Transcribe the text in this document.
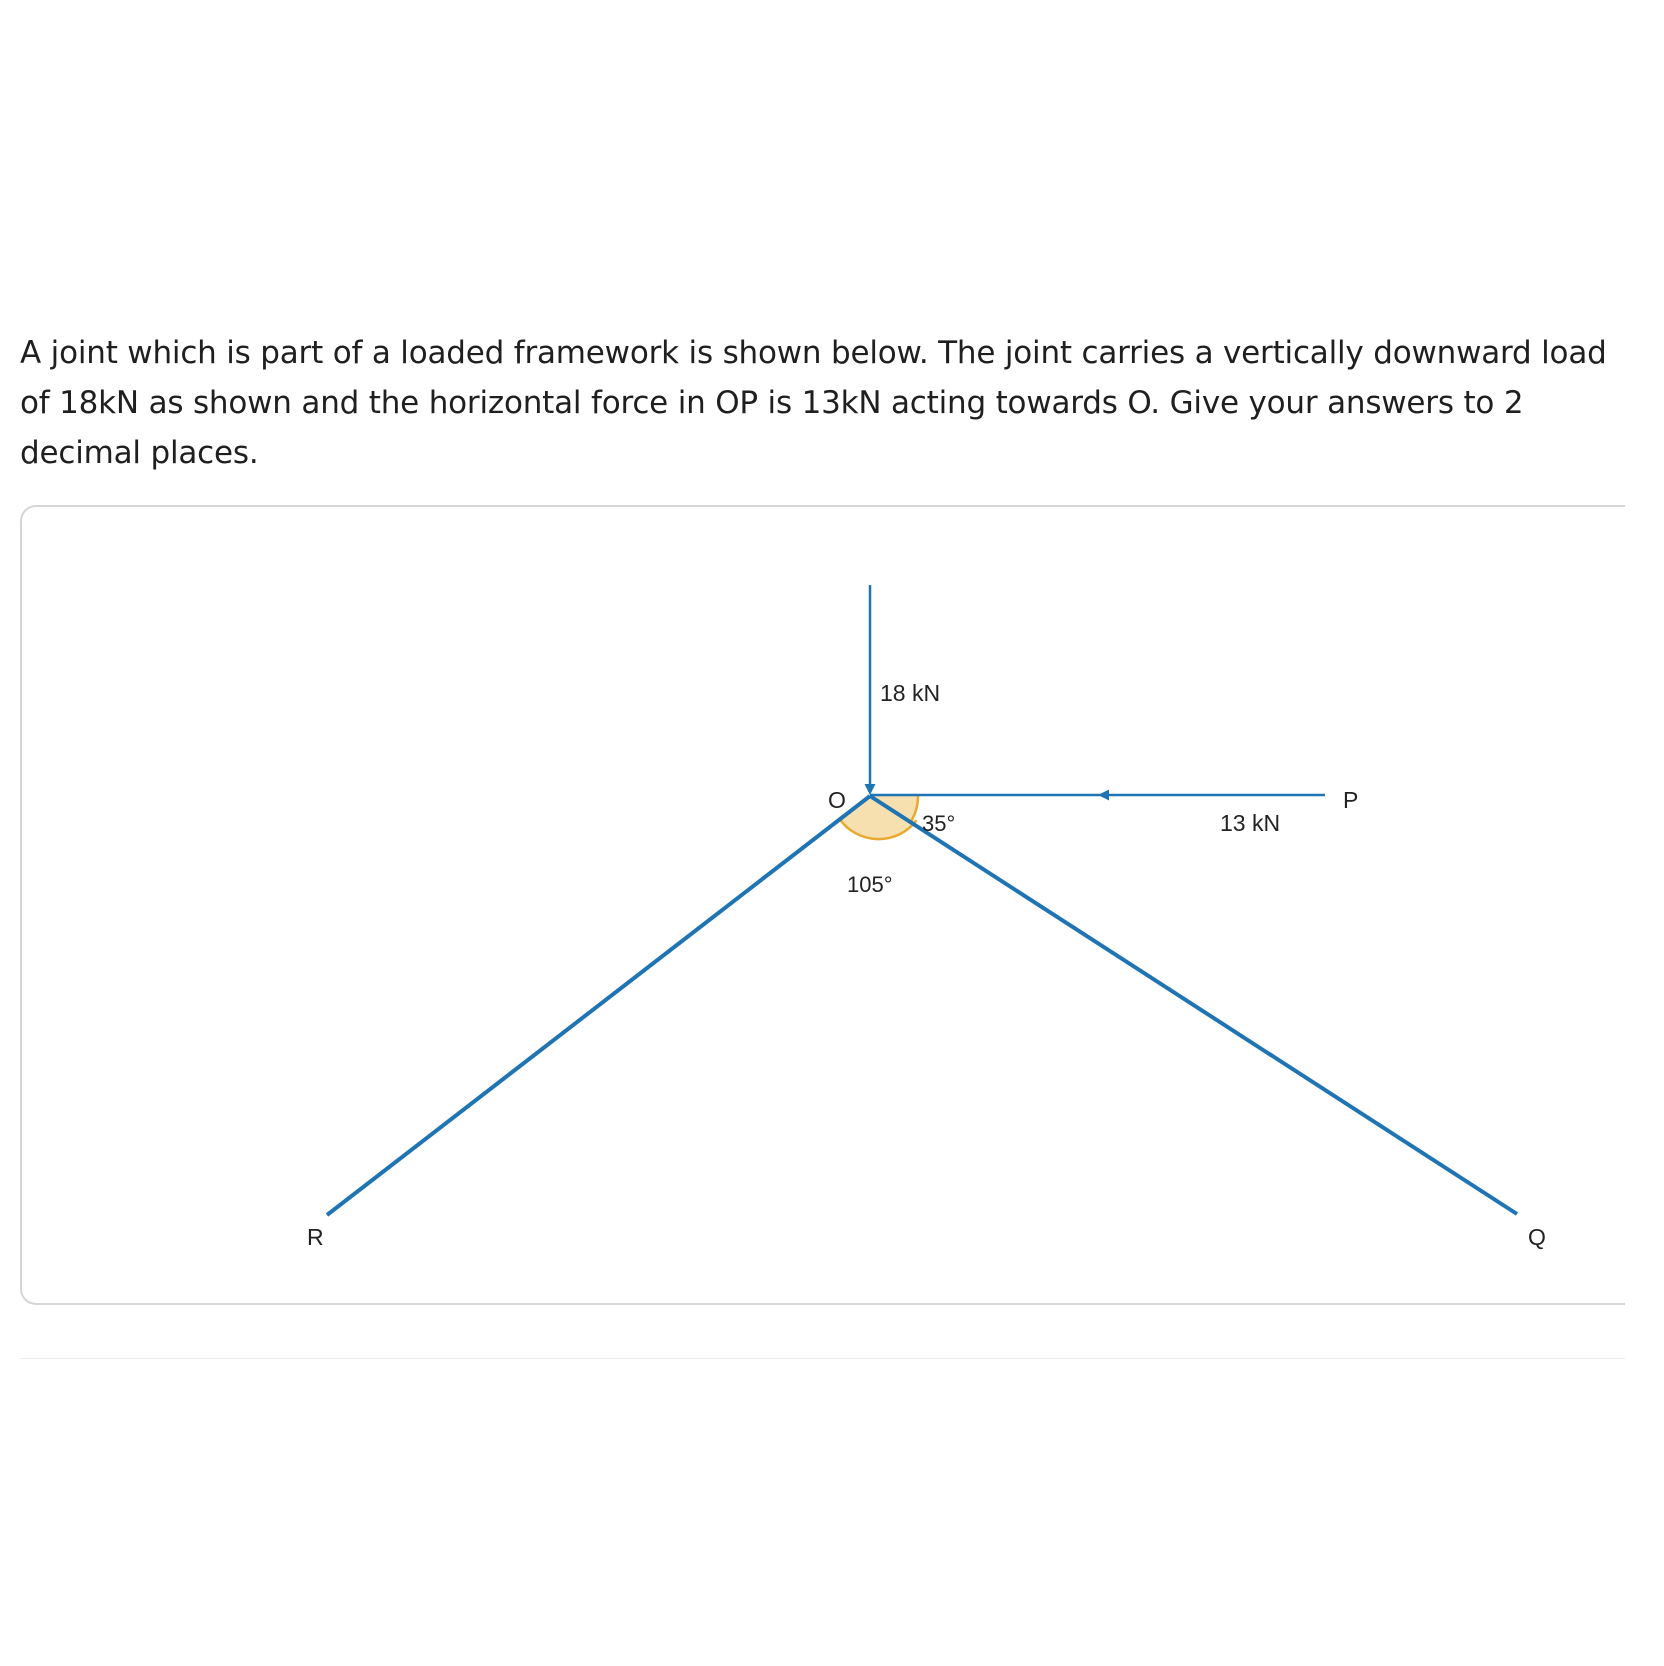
A joint which is part of a loaded framework is shown below. The joint carries a vertically downward load of 18kN as shown and the horizontal force in OP is 13kN acting towards O. Give your answers to 2 decimal places.
18 kN
13 kN
35°
105°
O	P
Q
R
